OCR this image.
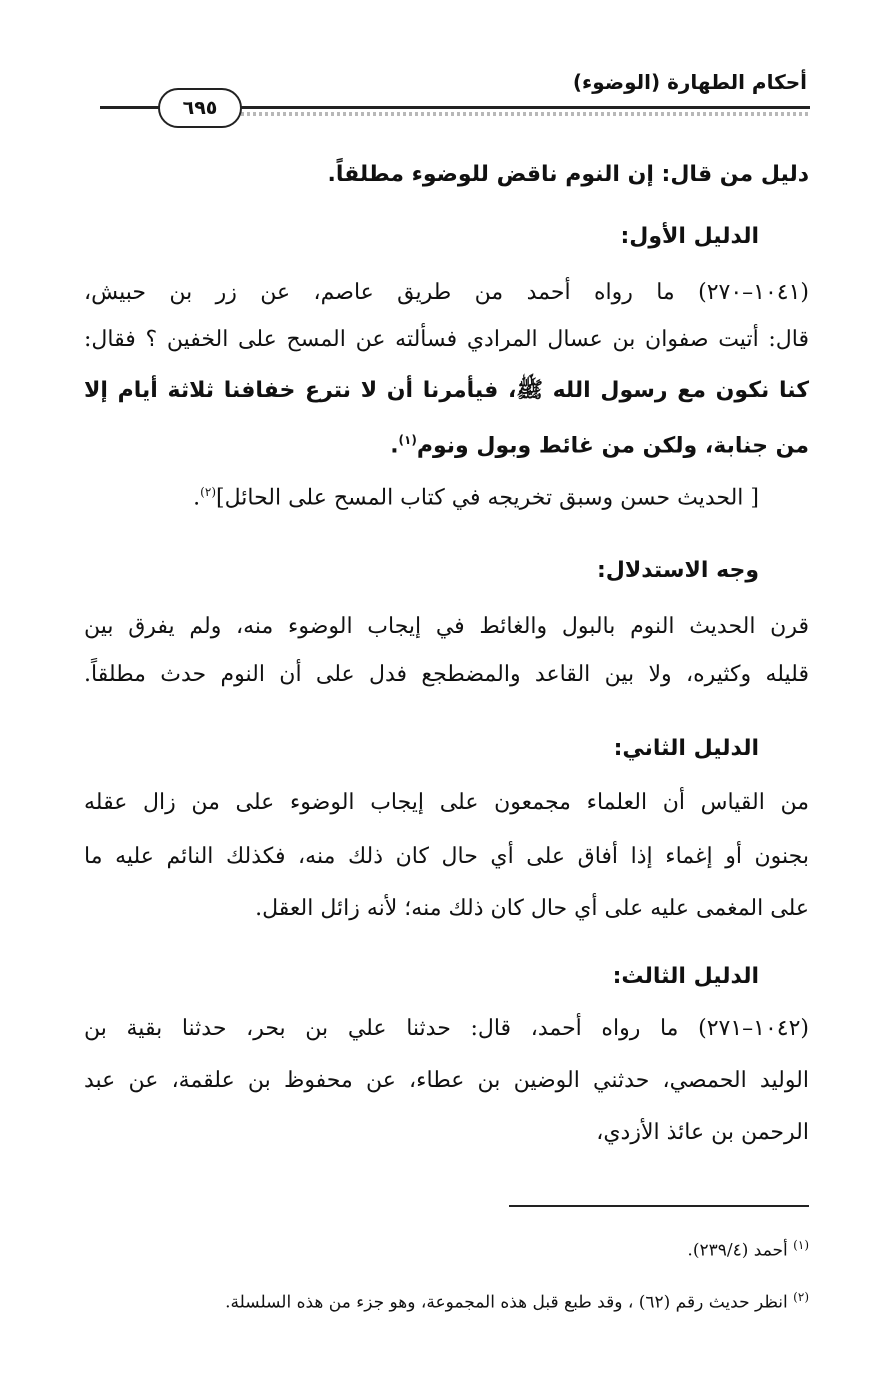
أحكام الطهارة (الوضوء)
٦٩٥
دليل من قال: إن النوم ناقض للوضوء مطلقاً.
الدليل الأول:
(١٠٤١–٢٧٠) ما رواه أحمد من طريق عاصم، عن زر بن حبيش،
قال: أتيت صفوان بن عسال المرادي فسألته عن المسح على الخفين ؟ فقال:
كنا نكون مع رسول الله ﷺ، فيأمرنا أن لا نترع خفافنا ثلاثة أيام إلا
من جنابة، ولكن من غائط وبول ونوم$^{(١)}$.
[ الحديث حسن وسبق تخريجه في كتاب المسح على الحائل]$^{(٢)}$.
وجه الاستدلال:
قرن الحديث النوم بالبول والغائط في إيجاب الوضوء منه، ولم يفرق بين
قليله وكثيره، ولا بين القاعد والمضطجع فدل على أن النوم حدث مطلقاً.
الدليل الثاني:
من القياس أن العلماء مجمعون على إيجاب الوضوء على من زال عقله
بجنون أو إغماء إذا أفاق على أي حال كان ذلك منه، فكذلك النائم عليه ما
على المغمى عليه على أي حال كان ذلك منه؛ لأنه زائل العقل.
الدليل الثالث:
(١٠٤٢–٢٧١) ما رواه أحمد، قال: حدثنا علي بن بحر، حدثنا بقية بن
الوليد الحمصي، حدثني الوضين بن عطاء، عن محفوظ بن علقمة، عن عبد
الرحمن بن عائذ الأزدي،
$^{(١)}$ أحمد (٢٣٩/٤).
$^{(٢)}$ انظر حديث رقم (٦٢) ، وقد طبع قبل هذه المجموعة، وهو جزء من هذه السلسلة.
